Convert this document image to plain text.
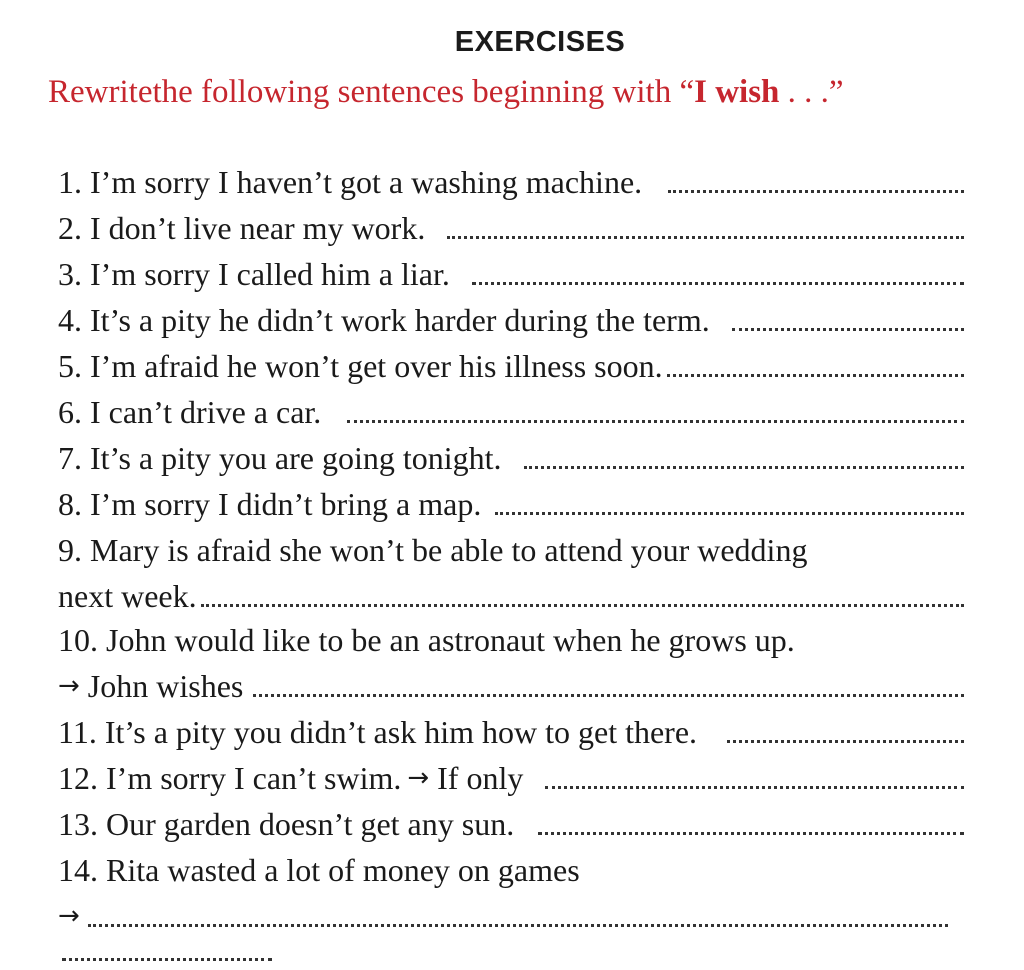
EXERCISES
Rewritethe following sentences beginning with “I wish . . .”
1. I’m sorry I haven’t got a washing machine.
2. I don’t live near my work.
3. I’m sorry I called him a liar.
4. It’s a pity he didn’t work harder during the term.
5. I’m afraid he won’t get over his illness soon.
6. I can’t drive a car.
7. It’s a pity you are going tonight.
8. I’m sorry I didn’t bring a map.
9. Mary is afraid she won’t be able to attend your wedding
next week.
10. John would like to be an astronaut when he grows up.
→ John wishes
11. It’s a pity you didn’t ask him how to get there.
12. I’m sorry I can’t swim. → If only
13. Our garden doesn’t get any sun.
14. Rita wasted a lot of money on games
→
